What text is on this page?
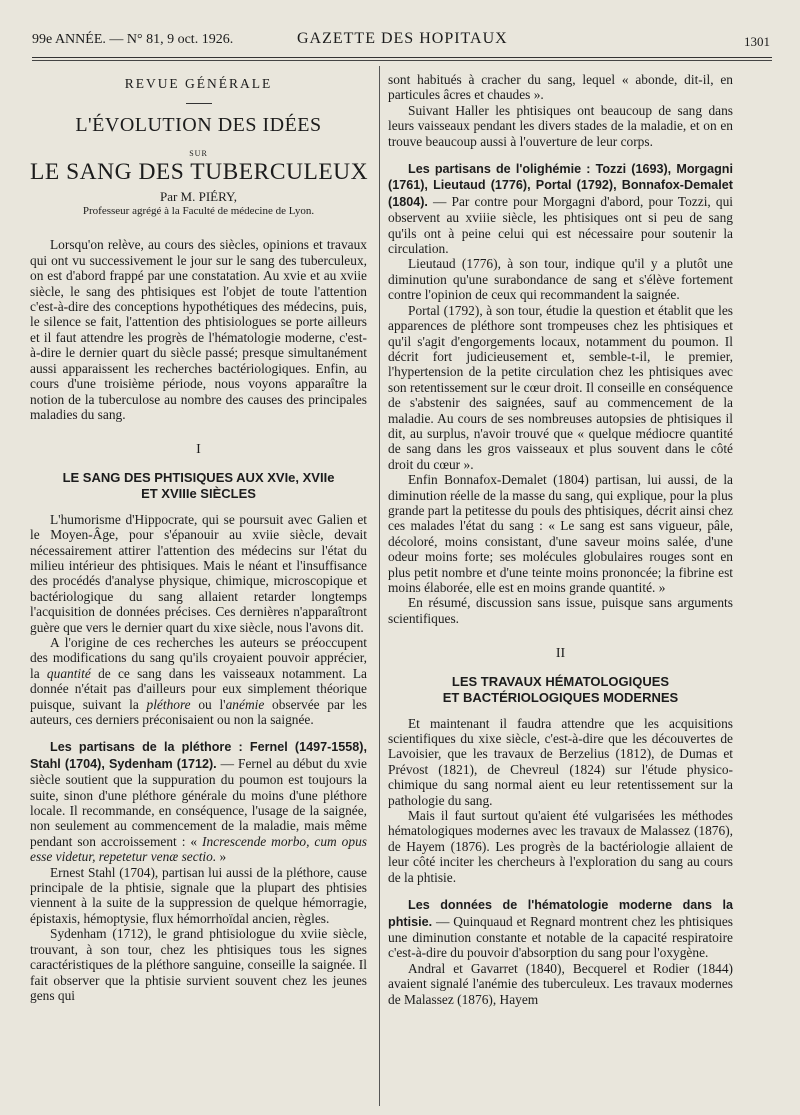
99e ANNÉE. — N° 81, 9 oct. 1926.	GAZETTE DES HOPITAUX	1301
REVUE GÉNÉRALE
L'ÉVOLUTION DES IDÉES
SUR
LE SANG DES TUBERCULEUX
Par M. PIÉRY,
Professeur agrégé à la Faculté de médecine de Lyon.

Lorsqu'on relève, au cours des siècles, opinions et travaux qui ont vu successivement le jour sur le sang des tuberculeux, on est d'abord frappé par une constatation. Au xvie et au xviie siècle, le sang des phtisiques est l'objet de toute l'attention c'est-à-dire des conceptions hypothétiques des médecins, puis, le silence se fait, l'attention des phtisiologues se porte ailleurs et il faut attendre les progrès de l'hématologie moderne, c'est-à-dire le dernier quart du siècle passé; presque simultanément aussi apparaissent les recherches bactériologiques. Enfin, au cours d'une troisième période, nous voyons apparaître la notion de la tuberculose au nombre des causes des principales maladies du sang.

I
LE SANG DES PHTISIQUES AUX XVIe, XVIIe
ET XVIIIe SIÈCLES

L'humorisme d'Hippocrate, qui se poursuit avec Galien et le Moyen-Âge, pour s'épanouir au xviie siècle, devait nécessairement attirer l'attention des médecins sur l'état du milieu intérieur des phtisiques. Mais le néant et l'insuffisance des procédés d'analyse physique, chimique, microscopique et bactériologique du sang allaient retarder longtemps l'acquisition de données précises. Ces dernières n'apparaîtront guère que vers le dernier quart du xixe siècle, nous l'avons dit.

A l'origine de ces recherches les auteurs se préoccupent des modifications du sang qu'ils croyaient pouvoir apprécier, la quantité de ce sang dans les vaisseaux notamment. La donnée n'était pas d'ailleurs pour eux simplement théorique puisque, suivant la pléthore ou l'anémie observée par les auteurs, ces derniers préconisaient ou non la saignée.

Les partisans de la pléthore : Fernel (1497-1558), Stahl (1704), Sydenham (1712). — Fernel au début du xvie siècle soutient que la suppuration du poumon est toujours la suite, sinon d'une pléthore générale du moins d'une pléthore locale. Il recommande, en conséquence, l'usage de la saignée, non seulement au commencement de la maladie, mais même pendant son accroissement : « Increscende morbo, cum opus esse videtur, repetetur venæ sectio. »

Ernest Stahl (1704), partisan lui aussi de la pléthore, cause principale de la phtisie, signale que la plupart des phtisies viennent à la suite de la suppression de quelque hémorragie, épistaxis, hémoptysie, flux hémorrhoïdal ancien, règles.

Sydenham (1712), le grand phtisiologue du xviie siècle, trouvant, à son tour, chez les phtisiques tous les signes caractéristiques de la pléthore sanguine, conseille la saignée. Il fait observer que la phtisie survient souvent chez les jeunes gens qui

sont habitués à cracher du sang, lequel « abonde, dit-il, en particules âcres et chaudes ».

Suivant Haller les phtisiques ont beaucoup de sang dans leurs vaisseaux pendant les divers stades de la maladie, et on en trouve beaucoup aussi à l'ouverture de leur corps.

Les partisans de l'olighémie : Tozzi (1693), Morgagni (1761), Lieutaud (1776), Portal (1792), Bonnafox-Demalet (1804). — Par contre pour Morgagni d'abord, pour Tozzi, qui observent au xviiie siècle, les phtisiques ont si peu de sang qu'ils ont à peine celui qui est nécessaire pour soutenir la circulation.

Lieutaud (1776), à son tour, indique qu'il y a plutôt une diminution qu'une surabondance de sang et s'élève fortement contre l'opinion de ceux qui recommandent la saignée.

Portal (1792), à son tour, étudie la question et établit que les apparences de pléthore sont trompeuses chez les phtisiques et qu'il s'agit d'engorgements locaux, notamment du poumon. Il décrit fort judicieusement et, semble-t-il, le premier, l'hypertension de la petite circulation chez les phtisiques avec son retentissement sur le cœur droit. Il conseille en conséquence de s'abstenir des saignées, sauf au commencement de la maladie. Au cours de ses nombreuses autopsies de phtisiques il dit, au surplus, n'avoir trouvé que « quelque médiocre quantité de sang dans les gros vaisseaux et plus souvent dans le côté droit du cœur ».

Enfin Bonnafox-Demalet (1804) partisan, lui aussi, de la diminution réelle de la masse du sang, qui explique, pour la plus grande part la petitesse du pouls des phtisiques, décrit ainsi chez ces malades l'état du sang : « Le sang est sans vigueur, pâle, décoloré, moins consistant, d'une saveur moins salée, d'une odeur moins forte; ses molécules globulaires rouges sont en plus petit nombre et d'une teinte moins prononcée; la fibrine est moins élaborée, elle est en moins grande quantité. »

En résumé, discussion sans issue, puisque sans arguments scientifiques.

II
LES TRAVAUX HÉMATOLOGIQUES
ET BACTÉRIOLOGIQUES MODERNES

Et maintenant il faudra attendre que les acquisitions scientifiques du xixe siècle, c'est-à-dire que les découvertes de Lavoisier, que les travaux de Berzelius (1812), de Dumas et Prévost (1821), de Chevreul (1824) sur l'étude physico-chimique du sang normal aient eu leur retentissement sur la pathologie du sang.

Mais il faut surtout qu'aient été vulgarisées les méthodes hématologiques modernes avec les travaux de Malassez (1876), de Hayem (1876). Les progrès de la bactériologie allaient de leur côté inciter les chercheurs à l'exploration du sang au cours de la phtisie.

Les données de l'hématologie moderne dans la phtisie. — Quinquaud et Regnard montrent chez les phtisiques une diminution constante et notable de la capacité respiratoire c'est-à-dire du pouvoir d'absorption du sang pour l'oxygène.

Andral et Gavarret (1840), Becquerel et Rodier (1844) avaient signalé l'anémie des tuberculeux. Les travaux modernes de Malassez (1876), Hayem
